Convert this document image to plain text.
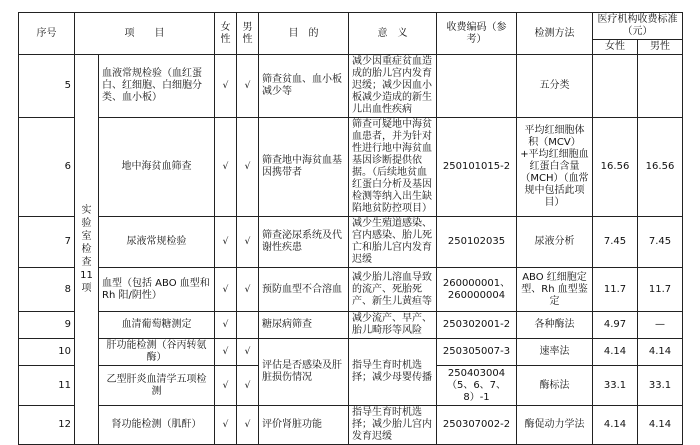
序号	项　　目		女性	男性	目　的	意　义	收费编码（参考）	检测方法	医疗机构收费标准（元）	
									女性	男性
5	实验室检查11项	血液常规检验（血红蛋白、红细胞、白细胞分类、血小板）	√	√	筛查贫血、血小板减少等	减少因重症贫血造成的胎儿宫内发育迟缓；减少因血小板减少造成的新生儿出血性疾病		五分类		
6		地中海贫血筛查	√	√	筛查地中海贫血基因携带者	筛查可疑地中海贫血患者，并为针对性进行地中海贫血基因诊断提供依据。（后续地贫血红蛋白分析及基因检测等纳入出生缺陷地贫防控项目）	250101015-2	平均红细胞体积（MCV）+平均红细胞血红蛋白含量（MCH）（血常规中包括此项目）	16.56	16.56
7		尿液常规检验	√	√	筛查泌尿系统及代谢性疾患	减少生殖道感染、宫内感染、胎儿死亡和胎儿宫内发育迟缓	250102035	尿液分析	7.45	7.45
8		血型（包括 ABO 血型和 Rh 阳/阴性）	√	√	预防血型不合溶血	减少胎儿溶血导致的流产、死胎死产、新生儿黄疸等	260000001、260000004	ABO 红细胞定型、Rh 血型鉴定	11.7	11.7
9		血清葡萄糖测定	√		糖尿病筛查	减少流产、早产、胎儿畸形等风险	250302001-2	各种酶法	4.97	—
10		肝功能检测（谷丙转氨酶）	√	√	评估是否感染及肝脏损伤情况	指导生育时机选择；减少母婴传播	250305007-3	速率法	4.14	4.14
11		乙型肝炎血清学五项检测	√	√			250403004（5、6、7、8）-1	酶标法	33.1	33.1
12		肾功能检测（肌酐）	√	√	评价肾脏功能	指导生育时机选择；减少胎儿宫内发育迟缓	250307002-2	酶促动力学法	4.14	4.14
